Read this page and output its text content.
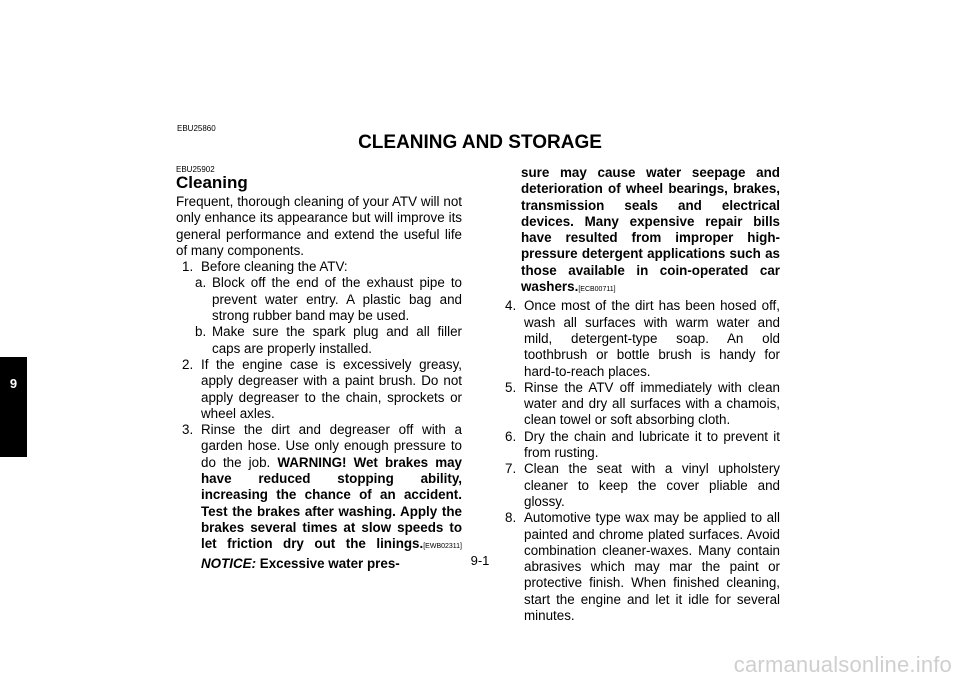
EBU25860
CLEANING AND STORAGE
9
EBU25902
Cleaning

Frequent, thorough cleaning of your ATV will not only enhance its appearance but will improve its general performance and extend the useful life of many components.

1. Before cleaning the ATV:
a. Block off the end of the exhaust pipe to prevent water entry. A plastic bag and strong rubber band may be used.
b. Make sure the spark plug and all filler caps are properly installed.
2. If the engine case is excessively greasy, apply degreaser with a paint brush. Do not apply degreaser to the chain, sprockets or wheel axles.
3. Rinse the dirt and degreaser off with a garden hose. Use only enough pressure to do the job. WARNING! Wet brakes may have reduced stopping ability, increasing the chance of an accident. Test the brakes after washing. Apply the brakes several times at slow speeds to let friction dry out the linings.[EWB02311] NOTICE: Excessive water pres-
sure may cause water seepage and deterioration of wheel bearings, brakes, transmission seals and electrical devices. Many expensive repair bills have resulted from improper high-pressure detergent applications such as those available in coin-operated car washers.[ECB00711]
4. Once most of the dirt has been hosed off, wash all surfaces with warm water and mild, detergent-type soap. An old toothbrush or bottle brush is handy for hard-to-reach places.
5. Rinse the ATV off immediately with clean water and dry all surfaces with a chamois, clean towel or soft absorbing cloth.
6. Dry the chain and lubricate it to prevent it from rusting.
7. Clean the seat with a vinyl upholstery cleaner to keep the cover pliable and glossy.
8. Automotive type wax may be applied to all painted and chrome plated surfaces. Avoid combination cleaner-waxes. Many contain abrasives which may mar the paint or protective finish. When finished cleaning, start the engine and let it idle for several minutes.
9-1
carmanualsonline.info
